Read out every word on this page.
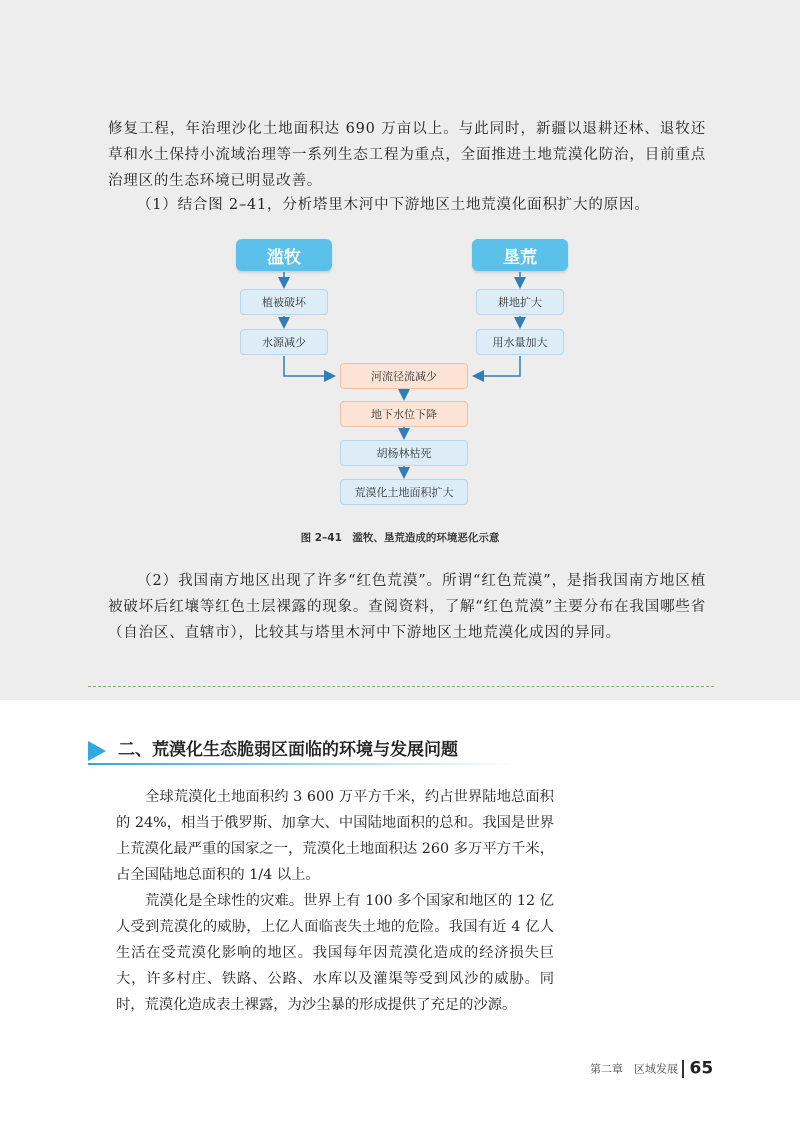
修复工程，年治理沙化土地面积达 690 万亩以上。与此同时，新疆以退耕还林、退牧还草和水土保持小流域治理等一系列生态工程为重点，全面推进土地荒漠化防治，目前重点治理区的生态环境已明显改善。

（1）结合图 2–41，分析塔里木河中下游地区土地荒漠化面积扩大的原因。

滥牧	垦荒
植被破坏
水源减少
耕地扩大
用水量加大
河流径流减少
地下水位下降
胡杨林枯死
荒漠化土地面积扩大
图 2–41　滥牧、垦荒造成的环境恶化示意

（2）我国南方地区出现了许多“红色荒漠”。所谓“红色荒漠”，是指我国南方地区植被破坏后红壤等红色土层裸露的现象。查阅资料，了解“红色荒漠”主要分布在我国哪些省（自治区、直辖市），比较其与塔里木河中下游地区土地荒漠化成因的异同。

二、荒漠化生态脆弱区面临的环境与发展问题

全球荒漠化土地面积约 3 600 万平方千米，约占世界陆地总面积的 24%，相当于俄罗斯、加拿大、中国陆地面积的总和。我国是世界上荒漠化最严重的国家之一，荒漠化土地面积达 260 多万平方千米，占全国陆地总面积的 1/4 以上。

荒漠化是全球性的灾难。世界上有 100 多个国家和地区的 12 亿人受到荒漠化的威胁，上亿人面临丧失土地的危险。我国有近 4 亿人生活在受荒漠化影响的地区。我国每年因荒漠化造成的经济损失巨大，许多村庄、铁路、公路、水库以及灌渠等受到风沙的威胁。同时，荒漠化造成表土裸露，为沙尘暴的形成提供了充足的沙源。

第二章　区域发展 65
